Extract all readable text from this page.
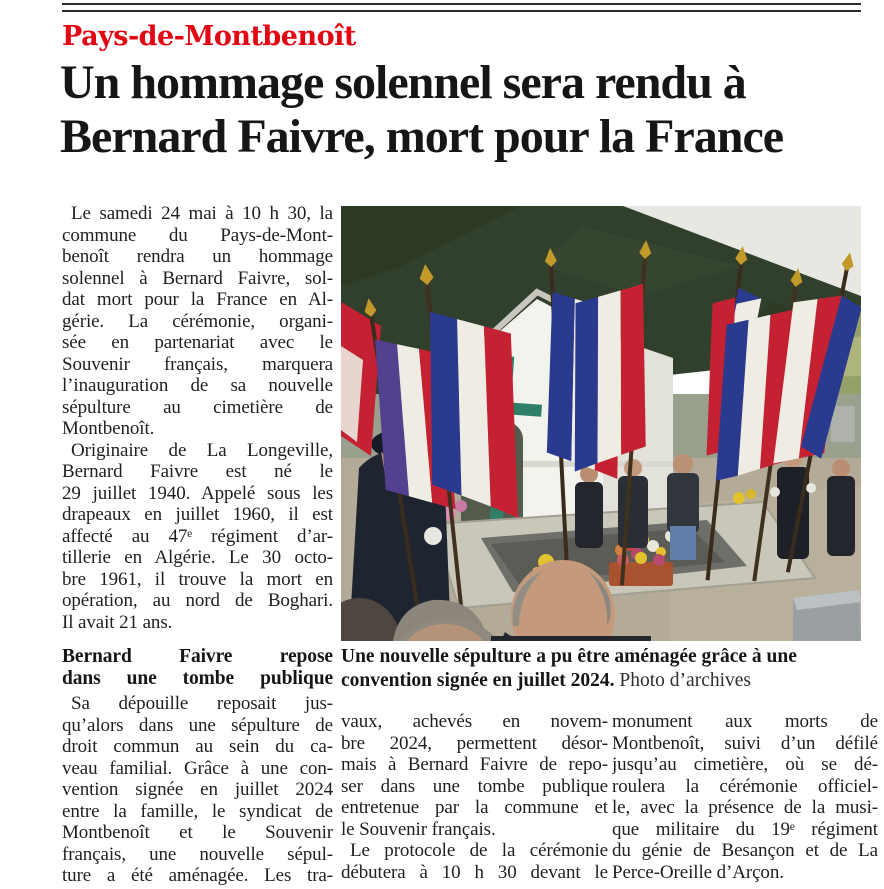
Pays-de-Montbenoît
Un hommage solennel sera rendu à
Bernard Faivre, mort pour la France
Le samedi 24 mai à 10 h 30, la
commune du Pays-de-Mont-
benoît rendra un hommage
solennel à Bernard Faivre, sol-
dat mort pour la France en Al-
gérie. La cérémonie, organi-
sée en partenariat avec le
Souvenir français, marquera
l’inauguration de sa nouvelle
sépulture au cimetière de
Montbenoît.
Originaire de La Longeville,
Bernard Faivre est né le
29 juillet 1940. Appelé sous les
drapeaux en juillet 1960, il est
affecté au 47ᵉ régiment d’ar-
tillerie en Algérie. Le 30 octo-
bre 1961, il trouve la mort en
opération, au nord de Boghari.
Il avait 21 ans.
Bernard Faivre repose
dans une tombe publique
Sa dépouille reposait jus-
qu’alors dans une sépulture de
droit commun au sein du ca-
veau familial. Grâce à une con-
vention signée en juillet 2024
entre la famille, le syndicat de
Montbenoît et le Souvenir
français, une nouvelle sépul-
ture a été aménagée. Les tra-
Une nouvelle sépulture a pu être aménagée grâce à une convention signée en juillet 2024. Photo d’archives
vaux, achevés en novem-
bre 2024, permettent désor-
mais à Bernard Faivre de repo-
ser dans une tombe publique
entretenue par la commune et
le Souvenir français.
Le protocole de la cérémonie
débutera à 10 h 30 devant le
monument aux morts de
Montbenoît, suivi d’un défilé
jusqu’au cimetière, où se dé-
roulera la cérémonie officiel-
le, avec la présence de la musi-
que militaire du 19ᵉ régiment
du génie de Besançon et de La
Perce-Oreille d’Arçon.
